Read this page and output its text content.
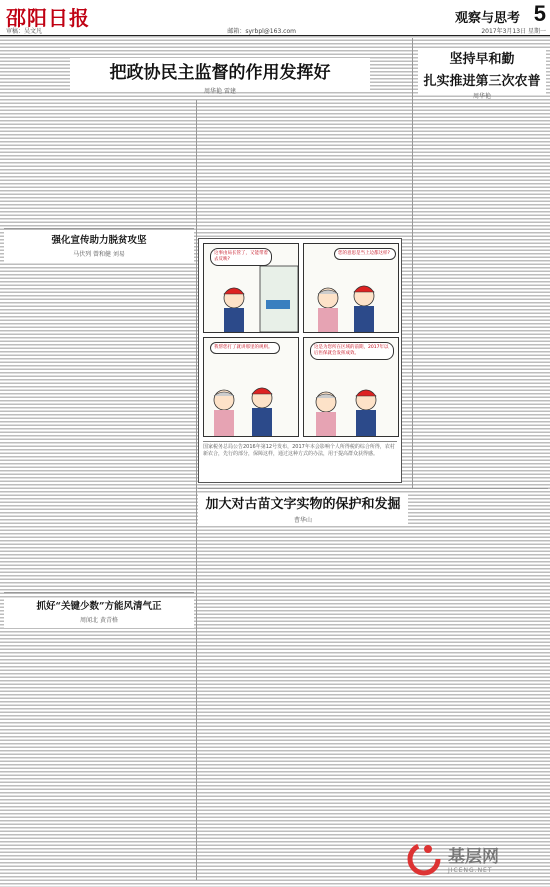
邵阳日报	观察与思考 5
审稿：吴文凡	邮箱：syrbpl@163.com	2017年3月13日 星期一
把政协民主监督的作用发挥好
周华艳 雷建
坚持早和勤
扎实推进第三次农普
周华艳
强化宣传助力脱贫攻坚
马伏列 曾和健 刘易
加大对古苗文字实物的保护和发掘
曹华山
抓好“关键少数”方能风清气正
周闻北 黄青格
这事由局长管了，又能带着去反映?
您的意思是当上边都这样?
我帮您打了就讲那里的规则。	这是为您所在区域的前期，2017年以后医保就会发挥成效。
国家税务总局公告2016年第12号发布，2017年本会影响个人所得税的综合所得，农村新农合，先行的部分，保障这样，通过这种方式的办法，用于提高群众获得感。
基层网
JICENG.NET
